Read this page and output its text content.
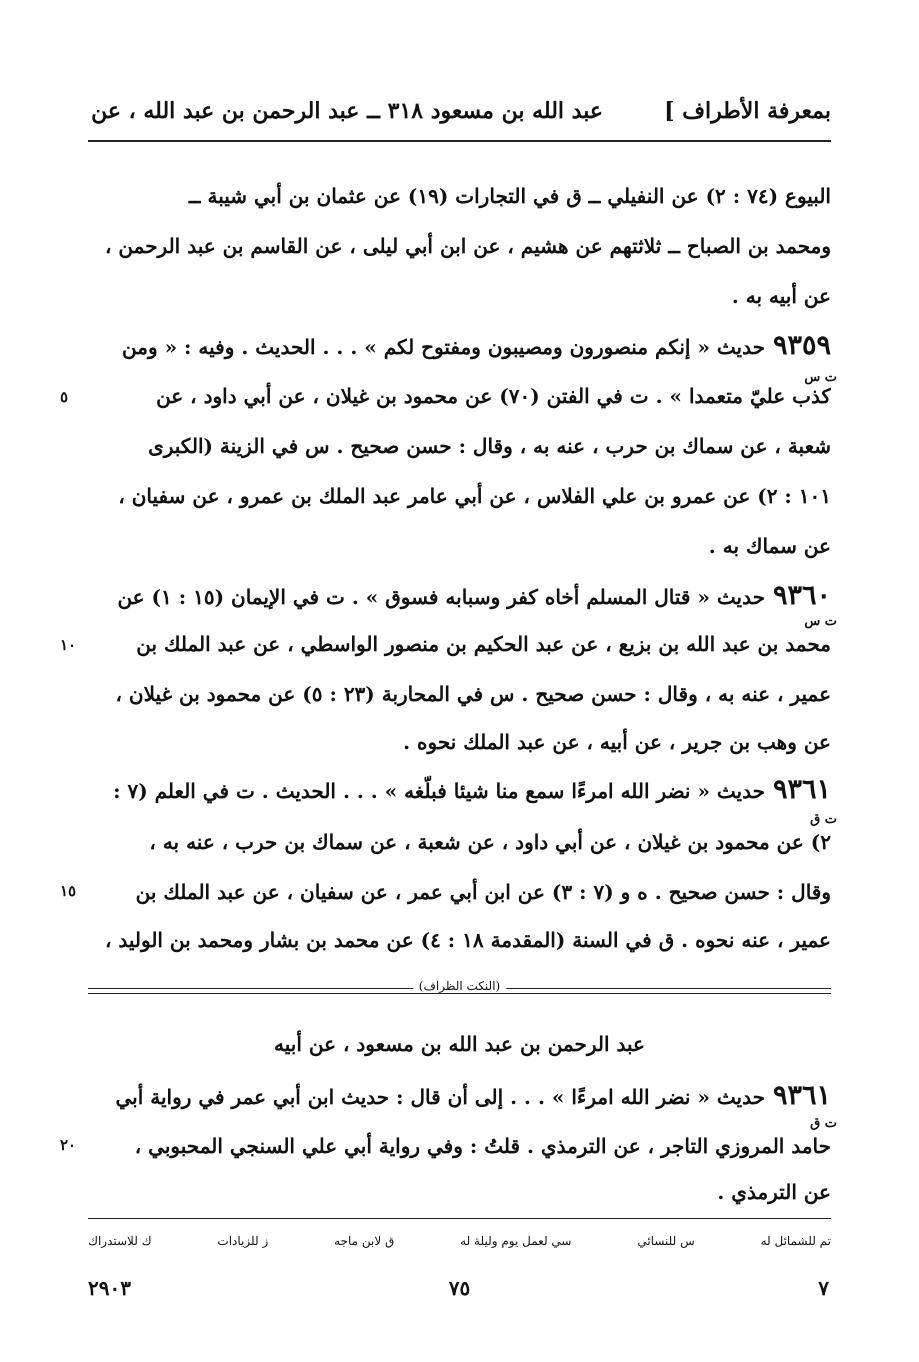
بمعرفة الأطراف ]
عبد الله بن مسعود ٣١٨ ــ عبد الرحمن بن عبد الله ، عن
البيوع (٧٤ : ٢) عن النفيلي ــ ق في التجارات (١٩) عن عثمان بن أبي شيبة ــ
ومحمد بن الصباح ــ ثلاثتهم عن هشيم ، عن ابن أبي ليلى ، عن القاسم بن عبد الرحمن ،
عن أبيه به .
٩٣٥٩حديث « إنكم منصورون ومصيبون ومفتوح لكم » . . . الحديث . وفيه : « ومن
ت س
كذب عليّ متعمدا » . ت في الفتن (٧٠) عن محمود بن غيلان ، عن أبي داود ، عن
شعبة ، عن سماك بن حرب ، عنه به ، وقال : حسن صحيح . س في الزينة (الكبرى
١٠١ : ٢) عن عمرو بن علي الفلاس ، عن أبي عامر عبد الملك بن عمرو ، عن سفيان ،
عن سماك به .
٩٣٦٠حديث « قتال المسلم أخاه كفر وسبابه فسوق » . ت في الإيمان (١٥ : ١) عن
ت س
محمد بن عبد الله بن بزيع ، عن عبد الحكيم بن منصور الواسطي ، عن عبد الملك بن
عمير ، عنه به ، وقال : حسن صحيح . س في المحاربة (٢٣ : ٥) عن محمود بن غيلان ،
عن وهب بن جرير ، عن أبيه ، عن عبد الملك نحوه .
٩٣٦١حديث « نضر الله امرءًا سمع منا شيئا فبلّغه » . . . الحديث . ت في العلم (٧ :
ت ق
٢) عن محمود بن غيلان ، عن أبي داود ، عن شعبة ، عن سماك بن حرب ، عنه به ،
وقال : حسن صحيح . ه و (٧ : ٣) عن ابن أبي عمر ، عن سفيان ، عن عبد الملك بن
عمير ، عنه نحوه . ق في السنة (المقدمة ١٨ : ٤) عن محمد بن بشار ومحمد بن الوليد ،
٥
١٠
١٥
(النكت الظراف)
عبد الرحمن بن عبد الله بن مسعود ، عن أبيه
٩٣٦١حديث « نضر الله امرءًا » . . . إلى أن قال : حديث ابن أبي عمر في رواية أبي
ت ق
حامد المروزي التاجر ، عن الترمذي . قلتُ : وفي رواية أبي علي السنجي المحبوبي ،
عن الترمذي .
٢٠
تم للشمائل له
س للنسائي
سي لعمل يوم وليلة له
ق لابن ماجه
ز للزيادات
ك للاستدراك
٢٩٠٣	٧٥	٧
